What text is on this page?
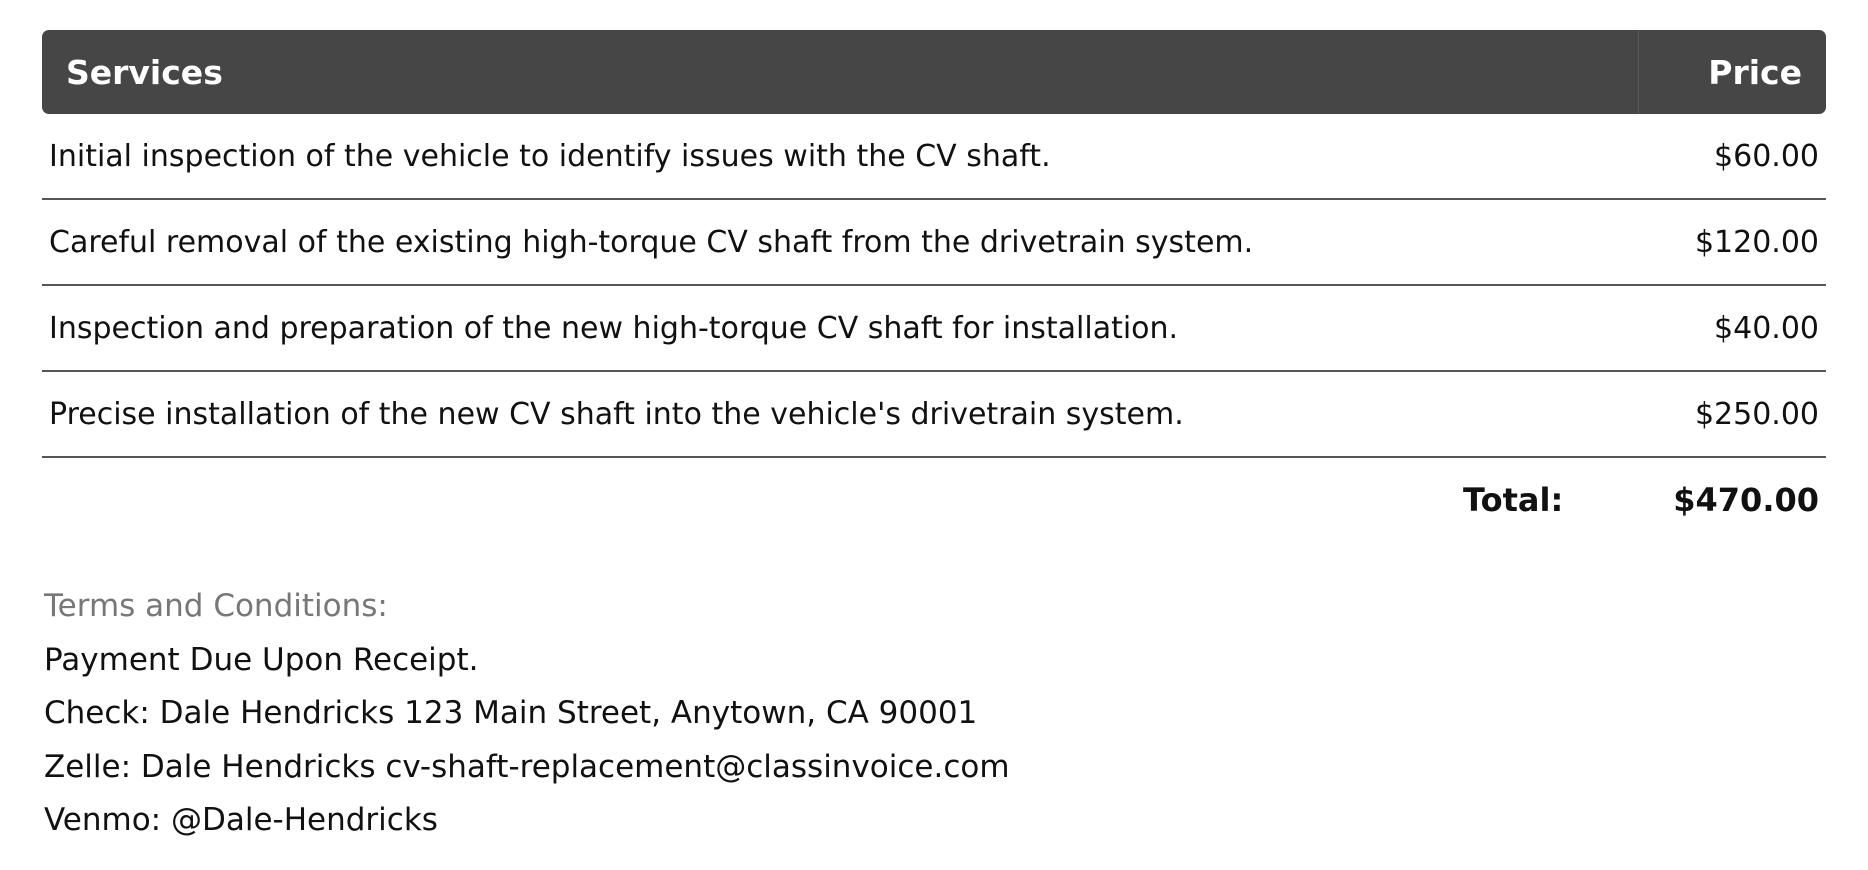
Services	Price
Initial inspection of the vehicle to identify issues with the CV shaft.	$60.00
Careful removal of the existing high-torque CV shaft from the drivetrain system.	$120.00
Inspection and preparation of the new high-torque CV shaft for installation.	$40.00
Precise installation of the new CV shaft into the vehicle's drivetrain system.	$250.00
Total:	$470.00
Terms and Conditions:
Payment Due Upon Receipt.
Check: Dale Hendricks 123 Main Street, Anytown, CA 90001
Zelle: Dale Hendricks cv-shaft-replacement@classinvoice.com
Venmo: @Dale-Hendricks
